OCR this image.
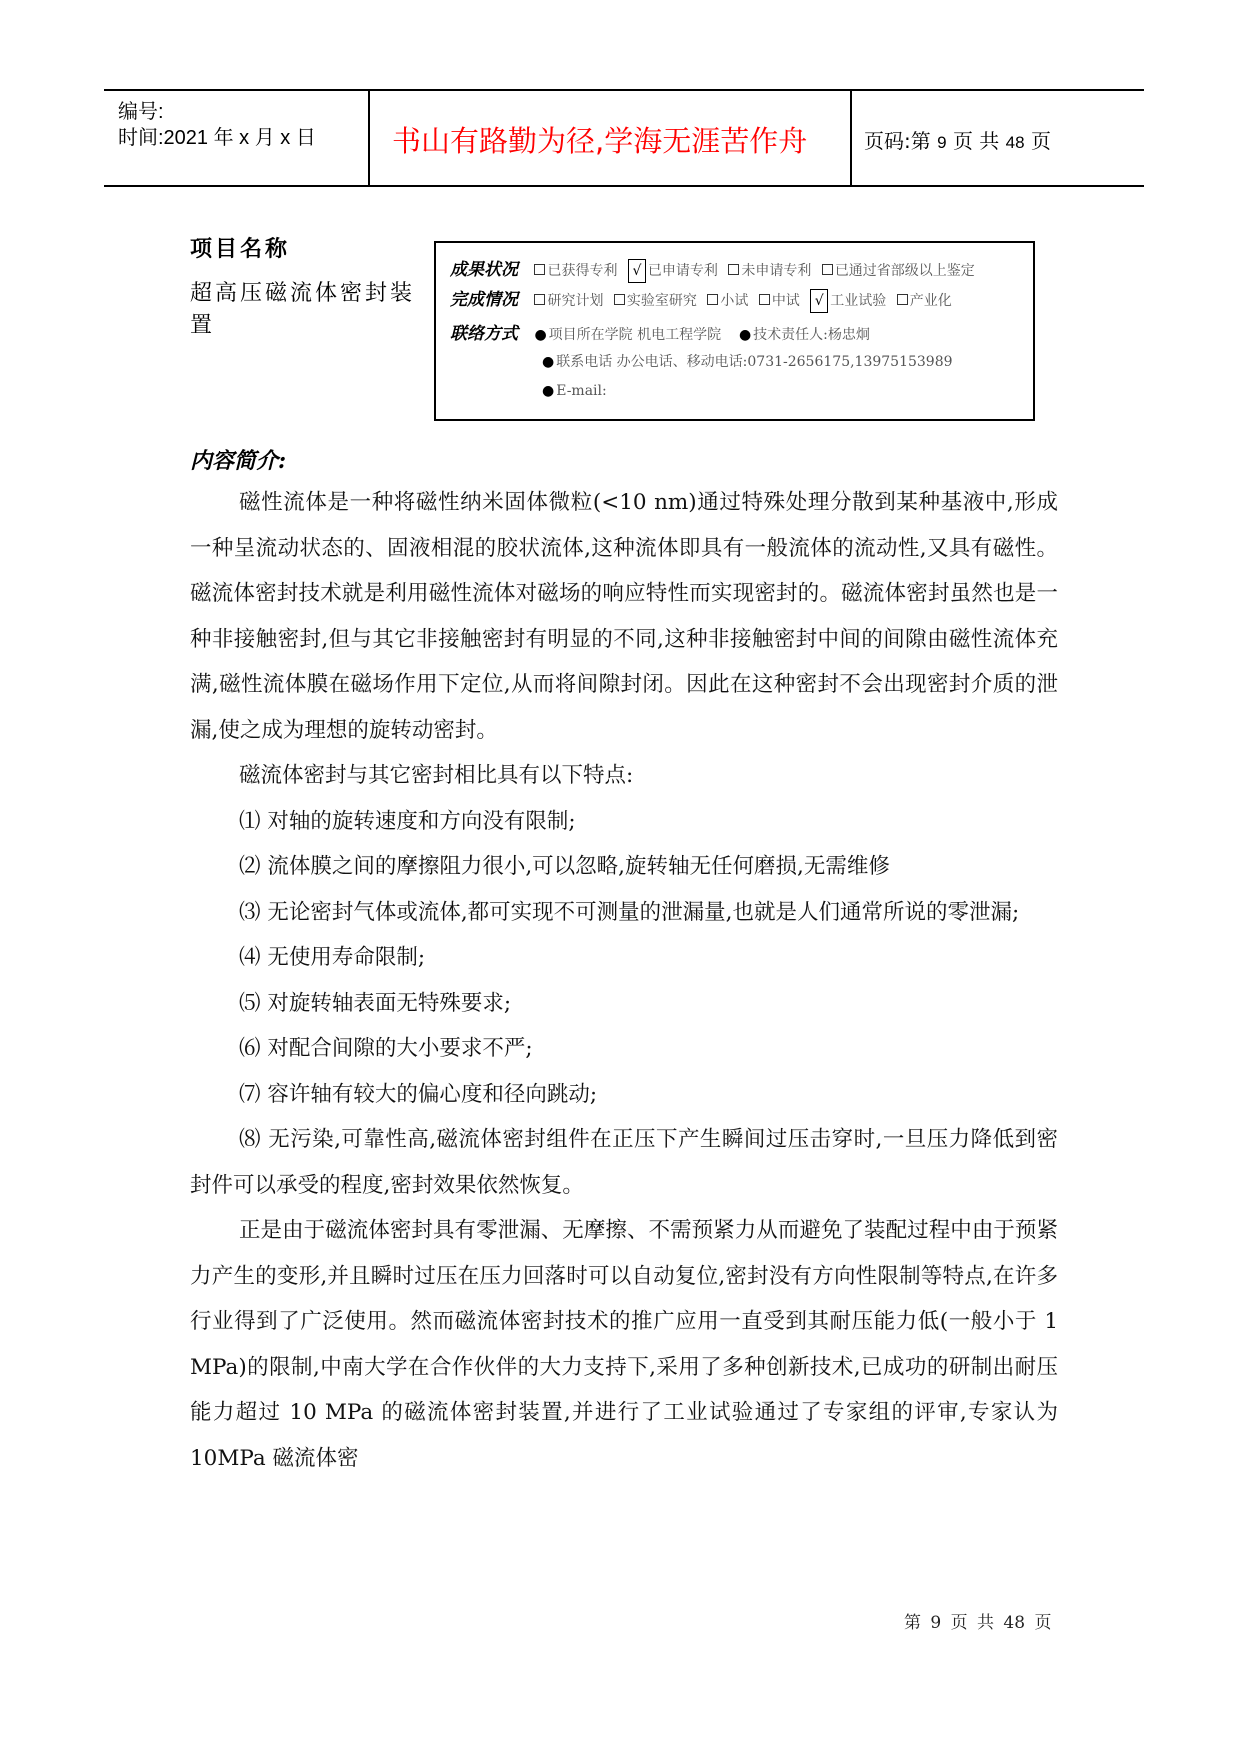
编号:
时间:2021 年 x 月 x 日	书山有路勤为径,学海无涯苦作舟	页码:第 9 页 共 48 页
项目名称
超高压磁流体密封装置
成果状况 已获得专利 √ 已申请专利 未申请专利 已通过省部级以上鉴定
完成情况 研究计划 实验室研究 小试 中试 √ 工业试验 产业化
联络方式 ● 项目所在学院 机电工程学院 ● 技术责任人:杨忠炯
● 联系电话 办公电话、移动电话:0731-2656175,13975153989
● E-mail:
内容简介:

磁性流体是一种将磁性纳米固体微粒(<10 nm)通过特殊处理分散到某种基液中,形成一种呈流动状态的、固液相混的胶状流体,这种流体即具有一般流体的流动性,又具有磁性。磁流体密封技术就是利用磁性流体对磁场的响应特性而实现密封的。磁流体密封虽然也是一种非接触密封,但与其它非接触密封有明显的不同,这种非接触密封中间的间隙由磁性流体充满,磁性流体膜在磁场作用下定位,从而将间隙封闭。因此在这种密封不会出现密封介质的泄漏,使之成为理想的旋转动密封。

磁流体密封与其它密封相比具有以下特点:

⑴ 对轴的旋转速度和方向没有限制;

⑵ 流体膜之间的摩擦阻力很小,可以忽略,旋转轴无任何磨损,无需维修

⑶ 无论密封气体或流体,都可实现不可测量的泄漏量,也就是人们通常所说的零泄漏;

⑷ 无使用寿命限制;

⑸ 对旋转轴表面无特殊要求;

⑹ 对配合间隙的大小要求不严;

⑺ 容许轴有较大的偏心度和径向跳动;

⑻ 无污染,可靠性高,磁流体密封组件在正压下产生瞬间过压击穿时,一旦压力降低到密封件可以承受的程度,密封效果依然恢复。

正是由于磁流体密封具有零泄漏、无摩擦、不需预紧力从而避免了装配过程中由于预紧力产生的变形,并且瞬时过压在压力回落时可以自动复位,密封没有方向性限制等特点,在许多行业得到了广泛使用。然而磁流体密封技术的推广应用一直受到其耐压能力低(一般小于 1 MPa)的限制,中南大学在合作伙伴的大力支持下,采用了多种创新技术,已成功的研制出耐压能力超过 10 MPa 的磁流体密封装置,并进行了工业试验通过了专家组的评审,专家认为 10MPa 磁流体密

第 9 页 共 48 页
